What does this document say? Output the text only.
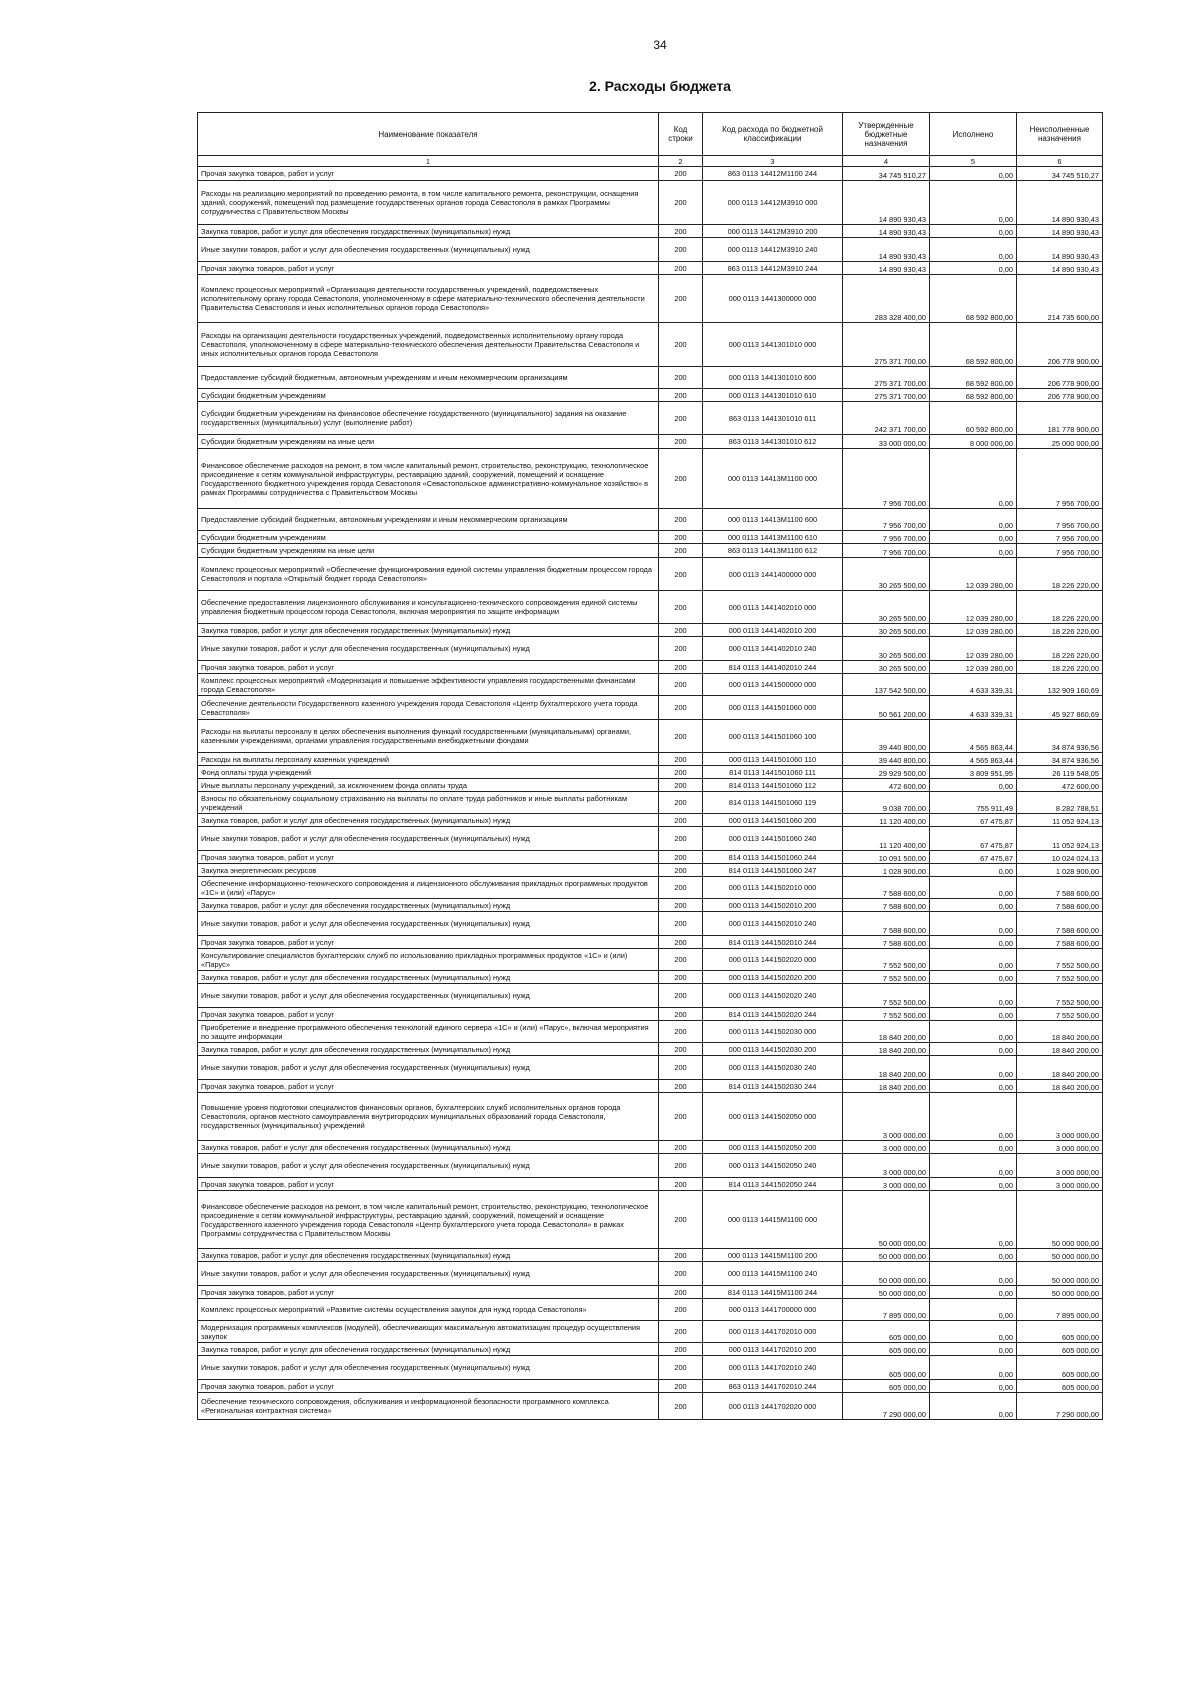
34
2. Расходы бюджета
Наименование показателя	Код строки	Код расхода по бюджетной классификации	Утвержденные бюджетные назначения	Исполнено	Неисполненные назначения
1	2	3	4	5	6
Прочая закупка товаров, работ и услуг	200	863 0113 14412М1100 244	34 745 510,27	0,00	34 745 510,27
Расходы на реализацию мероприятий по проведению ремонта, в том числе капитального ремонта, реконструкции, оснащения зданий, сооружений, помещений под размещение государственных органов города Севастополя в рамках Программы сотрудничества с Правительством Москвы	200	000 0113 14412М3910 000	14 890 930,43	0,00	14 890 930,43
Закупка товаров, работ и услуг для обеспечения государственных (муниципальных) нужд	200	000 0113 14412М3910 200	14 890 930,43	0,00	14 890 930,43
Иные закупки товаров, работ и услуг для обеспечения государственных (муниципальных) нужд	200	000 0113 14412М3910 240	14 890 930,43	0,00	14 890 930,43
Прочая закупка товаров, работ и услуг	200	863 0113 14412М3910 244	14 890 930,43	0,00	14 890 930,43
Комплекс процессных мероприятий «Организация деятельности государственных учреждений, подведомственных исполнительному органу города Севастополя, уполномоченному в сфере материально-технического обеспечения деятельности Правительства Севастополя и иных исполнительных органов города Севастополя»	200	000 0113 1441300000 000	283 328 400,00	68 592 800,00	214 735 600,00
Расходы на организацию деятельности государственных учреждений, подведомственных исполнительному органу города Севастополя, уполномоченному в сфере материально-технического обеспечения деятельности Правительства Севастополя и иных исполнительных органов города Севастополя	200	000 0113 1441301010 000	275 371 700,00	68 592 800,00	206 778 900,00
Предоставление субсидий бюджетным, автономным учреждениям и иным некоммерческим организациям	200	000 0113 1441301010 600	275 371 700,00	68 592 800,00	206 778 900,00
Субсидии бюджетным учреждениям	200	000 0113 1441301010 610	275 371 700,00	68 592 800,00	206 778 900,00
Субсидии бюджетным учреждениям на финансовое обеспечение государственного (муниципального) задания на оказание государственных (муниципальных) услуг (выполнение работ)	200	863 0113 1441301010 611	242 371 700,00	60 592 800,00	181 778 900,00
Субсидии бюджетным учреждениям на иные цели	200	863 0113 1441301010 612	33 000 000,00	8 000 000,00	25 000 000,00
Финансовое обеспечение расходов на ремонт, в том числе капитальный ремонт, строительство, реконструкцию, технологическое присоединение к сетям коммунальной инфраструктуры, реставрацию зданий, сооружений, помещений и оснащение Государственного бюджетного учреждения города Севастополя «Севастопольское административно-коммунальное хозяйство» в рамках Программы сотрудничества с Правительством Москвы	200	000 0113 14413М1100 000	7 956 700,00	0,00	7 956 700,00
Предоставление субсидий бюджетным, автономным учреждениям и иным некоммерческим организациям	200	000 0113 14413М1100 600	7 956 700,00	0,00	7 956 700,00
Субсидии бюджетным учреждениям	200	000 0113 14413М1100 610	7 956 700,00	0,00	7 956 700,00
Субсидии бюджетным учреждениям на иные цели	200	863 0113 14413М1100 612	7 956 700,00	0,00	7 956 700,00
Комплекс процессных мероприятий «Обеспечение функционирования единой системы управления бюджетным процессом города Севастополя и портала «Открытый бюджет города Севастополя»	200	000 0113 1441400000 000	30 265 500,00	12 039 280,00	18 226 220,00
Обеспечение предоставления лицензионного обслуживания и консультационно-технического сопровождения единой системы управления бюджетным процессом города Севастополя, включая мероприятия по защите информации	200	000 0113 1441402010 000	30 265 500,00	12 039 280,00	18 226 220,00
Закупка товаров, работ и услуг для обеспечения государственных (муниципальных) нужд	200	000 0113 1441402010 200	30 265 500,00	12 039 280,00	18 226 220,00
Иные закупки товаров, работ и услуг для обеспечения государственных (муниципальных) нужд	200	000 0113 1441402010 240	30 265 500,00	12 039 280,00	18 226 220,00
Прочая закупка товаров, работ и услуг	200	814 0113 1441402010 244	30 265 500,00	12 039 280,00	18 226 220,00
Комплекс процессных мероприятий «Модернизация и повышение эффективности управления государственными финансами города Севастополя»	200	000 0113 1441500000 000	137 542 500,00	4 633 339,31	132 909 160,69
Обеспечение деятельности Государственного казенного учреждения города Севастополя «Центр бухгалтерского учета города Севастополя»	200	000 0113 1441501060 000	50 561 200,00	4 633 339,31	45 927 860,69
Расходы на выплаты персоналу в целях обеспечения выполнения функций государственными (муниципальными) органами, казенными учреждениями, органами управления государственными внебюджетными фондами	200	000 0113 1441501060 100	39 440 800,00	4 565 863,44	34 874 936,56
Расходы на выплаты персоналу казенных учреждений	200	000 0113 1441501060 110	39 440 800,00	4 565 863,44	34 874 936,56
Фонд оплаты труда учреждений	200	814 0113 1441501060 111	29 929 500,00	3 809 951,95	26 119 548,05
Иные выплаты персоналу учреждений, за исключением фонда оплаты труда	200	814 0113 1441501060 112	472 600,00	0,00	472 600,00
Взносы по обязательному социальному страхованию на выплаты по оплате труда работников и иные выплаты работникам учреждений	200	814 0113 1441501060 119	9 038 700,00	755 911,49	8 282 788,51
Закупка товаров, работ и услуг для обеспечения государственных (муниципальных) нужд	200	000 0113 1441501060 200	11 120 400,00	67 475,87	11 052 924,13
Иные закупки товаров, работ и услуг для обеспечения государственных (муниципальных) нужд	200	000 0113 1441501060 240	11 120 400,00	67 475,87	11 052 924,13
Прочая закупка товаров, работ и услуг	200	814 0113 1441501060 244	10 091 500,00	67 475,87	10 024 024,13
Закупка энергетических ресурсов	200	814 0113 1441501060 247	1 028 900,00	0,00	1 028 900,00
Обеспечение информационно-технического сопровождения и лицензионного обслуживания прикладных программных продуктов «1С» и (или) «Парус»	200	000 0113 1441502010 000	7 588 600,00	0,00	7 588 600,00
Закупка товаров, работ и услуг для обеспечения государственных (муниципальных) нужд	200	000 0113 1441502010 200	7 588 600,00	0,00	7 588 600,00
Иные закупки товаров, работ и услуг для обеспечения государственных (муниципальных) нужд	200	000 0113 1441502010 240	7 588 600,00	0,00	7 588 600,00
Прочая закупка товаров, работ и услуг	200	814 0113 1441502010 244	7 588 600,00	0,00	7 588 600,00
Консультирование специалистов бухгалтерских служб по использованию прикладных программных продуктов «1С» и (или) «Парус»	200	000 0113 1441502020 000	7 552 500,00	0,00	7 552 500,00
Закупка товаров, работ и услуг для обеспечения государственных (муниципальных) нужд	200	000 0113 1441502020 200	7 552 500,00	0,00	7 552 500,00
Иные закупки товаров, работ и услуг для обеспечения государственных (муниципальных) нужд	200	000 0113 1441502020 240	7 552 500,00	0,00	7 552 500,00
Прочая закупка товаров, работ и услуг	200	814 0113 1441502020 244	7 552 500,00	0,00	7 552 500,00
Приобретение и внедрение программного обеспечения технологий единого сервера «1С» и (или) «Парус», включая мероприятия по защите информации	200	000 0113 1441502030 000	18 840 200,00	0,00	18 840 200,00
Закупка товаров, работ и услуг для обеспечения государственных (муниципальных) нужд	200	000 0113 1441502030 200	18 840 200,00	0,00	18 840 200,00
Иные закупки товаров, работ и услуг для обеспечения государственных (муниципальных) нужд	200	000 0113 1441502030 240	18 840 200,00	0,00	18 840 200,00
Прочая закупка товаров, работ и услуг	200	814 0113 1441502030 244	18 840 200,00	0,00	18 840 200,00
Повышение уровня подготовки специалистов финансовых органов, бухгалтерских служб исполнительных органов города Севастополя, органов местного самоуправления внутригородских муниципальных образований города Севастополя, государственных (муниципальных) учреждений	200	000 0113 1441502050 000	3 000 000,00	0,00	3 000 000,00
Закупка товаров, работ и услуг для обеспечения государственных (муниципальных) нужд	200	000 0113 1441502050 200	3 000 000,00	0,00	3 000 000,00
Иные закупки товаров, работ и услуг для обеспечения государственных (муниципальных) нужд	200	000 0113 1441502050 240	3 000 000,00	0,00	3 000 000,00
Прочая закупка товаров, работ и услуг	200	814 0113 1441502050 244	3 000 000,00	0,00	3 000 000,00
Финансовое обеспечение расходов на ремонт, в том числе капитальный ремонт, строительство, реконструкцию, технологическое присоединение к сетям коммунальной инфраструктуры, реставрацию зданий, сооружений, помещений и оснащение Государственного казенного учреждения города Севастополя «Центр бухгалтерского учета города Севастополя» в рамках Программы сотрудничества с Правительством Москвы	200	000 0113 14415М1100 000	50 000 000,00	0,00	50 000 000,00
Закупка товаров, работ и услуг для обеспечения государственных (муниципальных) нужд	200	000 0113 14415М1100 200	50 000 000,00	0,00	50 000 000,00
Иные закупки товаров, работ и услуг для обеспечения государственных (муниципальных) нужд	200	000 0113 14415М1100 240	50 000 000,00	0,00	50 000 000,00
Прочая закупка товаров, работ и услуг	200	814 0113 14415М1100 244	50 000 000,00	0,00	50 000 000,00
Комплекс процессных мероприятий «Развитие системы осуществления закупок для нужд города Севастополя»	200	000 0113 1441700000 000	7 895 000,00	0,00	7 895 000,00
Модернизация программных комплексов (модулей), обеспечивающих максимальную автоматизацию процедур осуществления закупок	200	000 0113 1441702010 000	605 000,00	0,00	605 000,00
Закупка товаров, работ и услуг для обеспечения государственных (муниципальных) нужд	200	000 0113 1441702010 200	605 000,00	0,00	605 000,00
Иные закупки товаров, работ и услуг для обеспечения государственных (муниципальных) нужд	200	000 0113 1441702010 240	605 000,00	0,00	605 000,00
Прочая закупка товаров, работ и услуг	200	863 0113 1441702010 244	605 000,00	0,00	605 000,00
Обеспечение технического сопровождения, обслуживания и информационной безопасности программного комплекса «Региональная контрактная система»	200	000 0113 1441702020 000	7 290 000,00	0,00	7 290 000,00
